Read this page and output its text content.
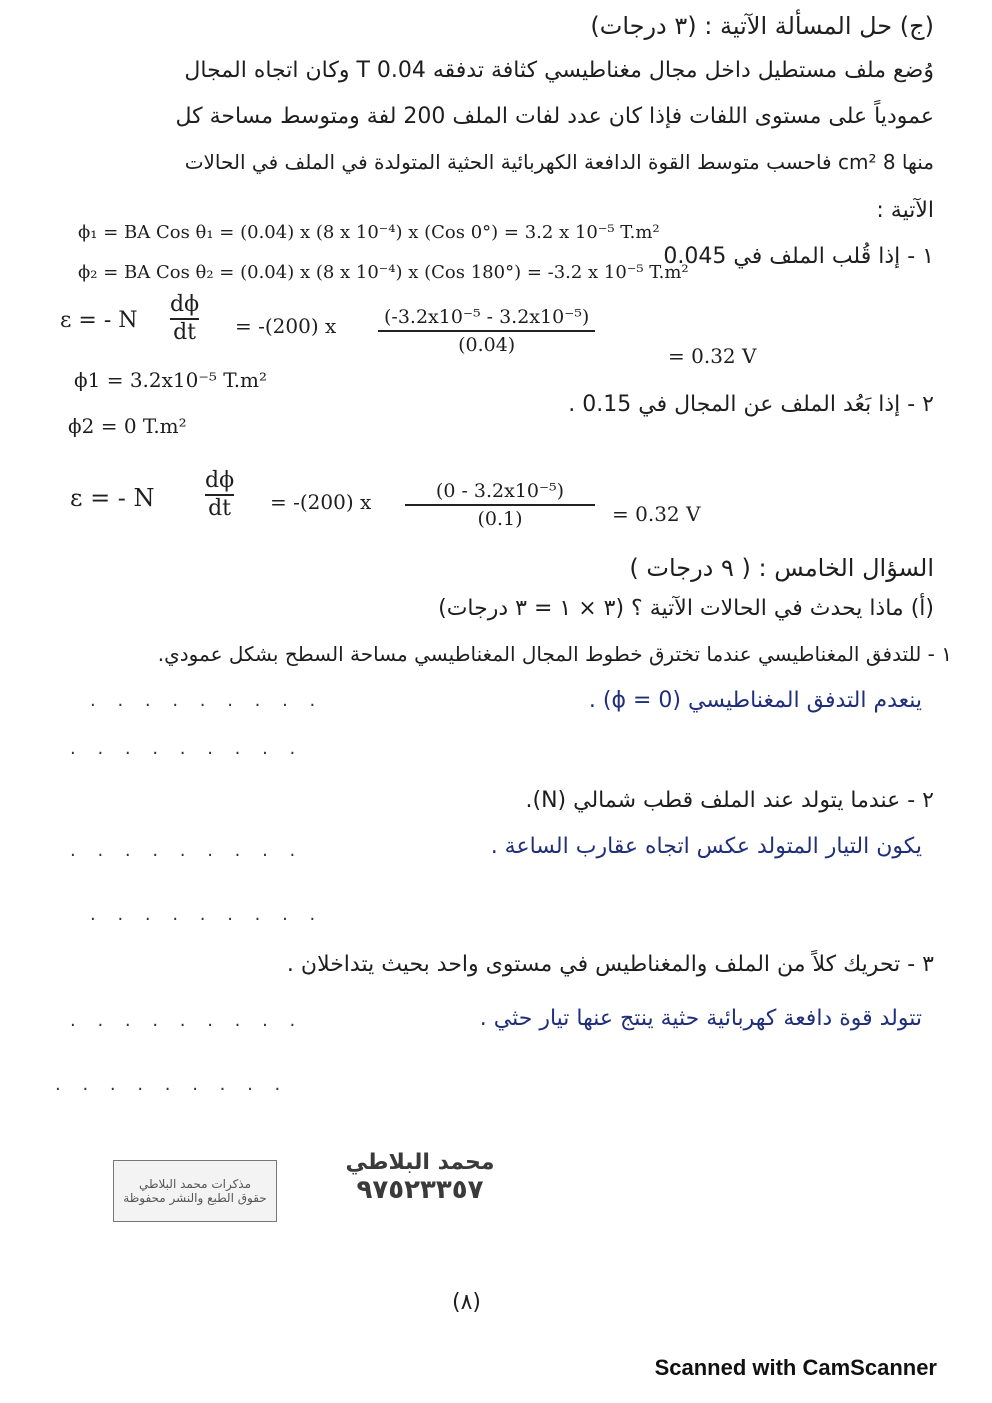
(ج) حل المسألة الآتية : (٣ درجات)
وُضع ملف مستطيل داخل مجال مغناطيسي كثافة تدفقه T 0.04 وكان اتجاه المجال
عمودياً على مستوى اللفات فإذا كان عدد لفات الملف 200 لفة ومتوسط مساحة كل
منها 8 cm² فاحسب متوسط القوة الدافعة الكهربائية الحثية المتولدة في الملف في الحالات
الآتية :
١ - إذا قُلب الملف في 0.045
ϕ₁ = BA Cos θ₁ = (0.04) x (8 x 10⁻⁴) x (Cos 0°) = 3.2 x 10⁻⁵ T.m²
ϕ₂ = BA Cos θ₂ = (0.04) x (8 x 10⁻⁴) x (Cos 180°) = -3.2 x 10⁻⁵ T.m²
ε = - N
dϕ
dt = -(200) x	(-3.2x10⁻⁵ - 3.2x10⁻⁵)
(0.04)	= 0.32 V
ϕ1 = 3.2x10⁻⁵ T.m²
٢ - إذا بَعُد الملف عن المجال في 0.15 .
ϕ2 = 0 T.m²
ε = - N
dϕ
dt = -(200) x	(0 - 3.2x10⁻⁵)
(0.1)	= 0.32 V
السؤال الخامس : ( ٩ درجات )
(أ) ماذا يحدث في الحالات الآتية ؟ (٣ × ١ = ٣ درجات)
١ - للتدفق المغناطيسي عندما تخترق خطوط المجال المغناطيسي مساحة السطح بشكل عمودي.
ينعدم التدفق المغناطيسي (ϕ = 0) .
. . . . . . . . .
. . . . . . . . .
٢ - عندما يتولد عند الملف قطب شمالي (N).
يكون التيار المتولد عكس اتجاه عقارب الساعة .
. . . . . . . . .
. . . . . . . . .
٣ - تحريك كلاً من الملف والمغناطيس في مستوى واحد بحيث يتداخلان .
تتولد قوة دافعة كهربائية حثية ينتج عنها تيار حثي .
. . . . . . . . .
. . . . . . . . .
مذكرات محمد البلاطي
حقوق الطبع والنشر محفوظة
محمد البلاطي
٩٧٥٢٣٣٥٧
(٨)
Scanned with CamScanner
